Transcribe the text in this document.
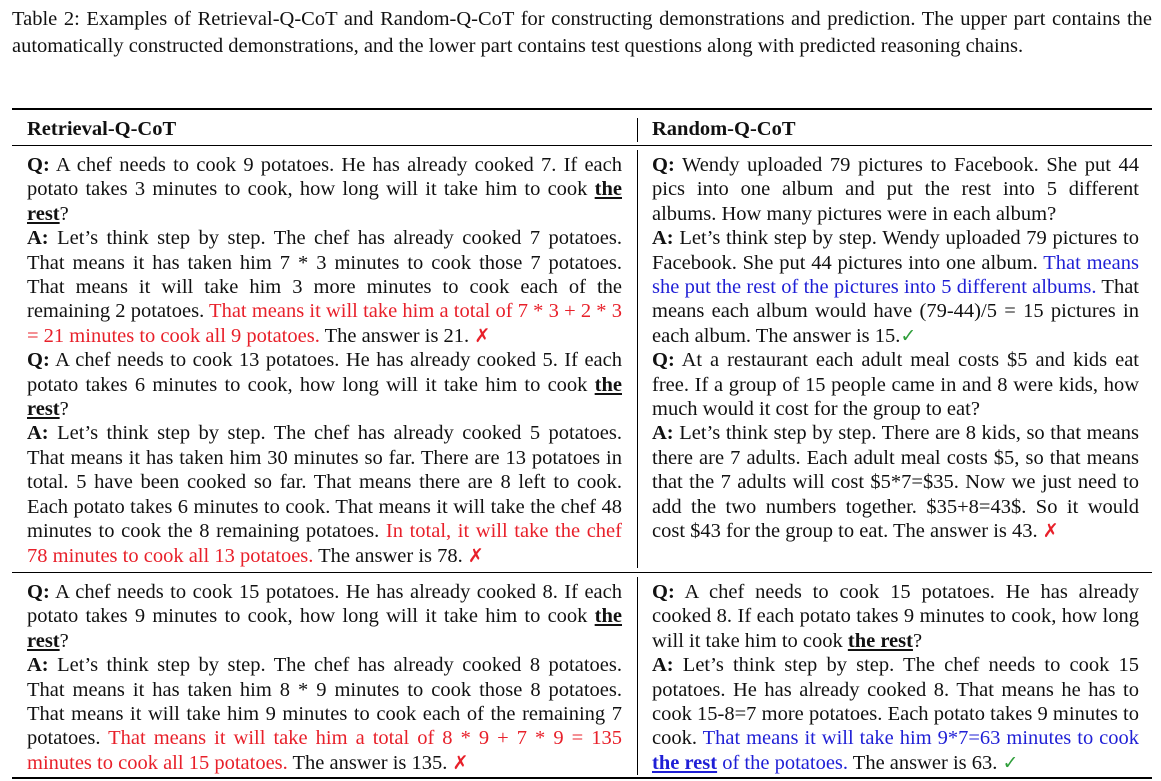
Table 2: Examples of Retrieval-Q-CoT and Random-Q-CoT for constructing demonstrations and prediction. The upper part contains the automatically constructed demonstrations, and the lower part contains test questions along with predicted reasoning chains.
Retrieval-Q-CoT	Random-Q-CoT

Q: A chef needs to cook 9 potatoes. He has already cooked 7. If each potato takes 3 minutes to cook, how long will it take him to cook the rest?

A: Let’s think step by step. The chef has already cooked 7 potatoes. That means it has taken him 7 * 3 minutes to cook those 7 potatoes. That means it will take him 3 more minutes to cook each of the remaining 2 potatoes. That means it will take him a total of 7 * 3 + 2 * 3 = 21 minutes to cook all 9 potatoes. The answer is 21. ✗

Q: A chef needs to cook 13 potatoes. He has already cooked 5. If each potato takes 6 minutes to cook, how long will it take him to cook the rest?

A: Let’s think step by step. The chef has already cooked 5 potatoes. That means it has taken him 30 minutes so far. There are 13 potatoes in total. 5 have been cooked so far. That means there are 8 left to cook. Each potato takes 6 minutes to cook. That means it will take the chef 48 minutes to cook the 8 remaining potatoes. In total, it will take the chef 78 minutes to cook all 13 potatoes. The answer is 78. ✗

Q: Wendy uploaded 79 pictures to Facebook. She put 44 pics into one album and put the rest into 5 different albums. How many pictures were in each album?

A: Let’s think step by step. Wendy uploaded 79 pictures to Facebook. She put 44 pictures into one album. That means she put the rest of the pictures into 5 different albums. That means each album would have (79-44)/5 = 15 pictures in each album. The answer is 15.✓

Q: At a restaurant each adult meal costs $5 and kids eat free. If a group of 15 people came in and 8 were kids, how much would it cost for the group to eat?

A: Let’s think step by step. There are 8 kids, so that means there are 7 adults. Each adult meal costs $5, so that means that the 7 adults will cost $5*7=$35. Now we just need to add the two numbers together. $35+8=43$. So it would cost $43 for the group to eat. The answer is 43. ✗

Q: A chef needs to cook 15 potatoes. He has already cooked 8. If each potato takes 9 minutes to cook, how long will it take him to cook the rest?

A: Let’s think step by step. The chef has already cooked 8 potatoes. That means it has taken him 8 * 9 minutes to cook those 8 potatoes. That means it will take him 9 minutes to cook each of the remaining 7 potatoes. That means it will take him a total of 8 * 9 + 7 * 9 = 135 minutes to cook all 15 potatoes. The answer is 135. ✗

Q: A chef needs to cook 15 potatoes. He has already cooked 8. If each potato takes 9 minutes to cook, how long will it take him to cook the rest?

A: Let’s think step by step. The chef needs to cook 15 potatoes. He has already cooked 8. That means he has to cook 15-8=7 more potatoes. Each potato takes 9 minutes to cook. That means it will take him 9*7=63 minutes to cook the rest of the potatoes. The answer is 63. ✓
